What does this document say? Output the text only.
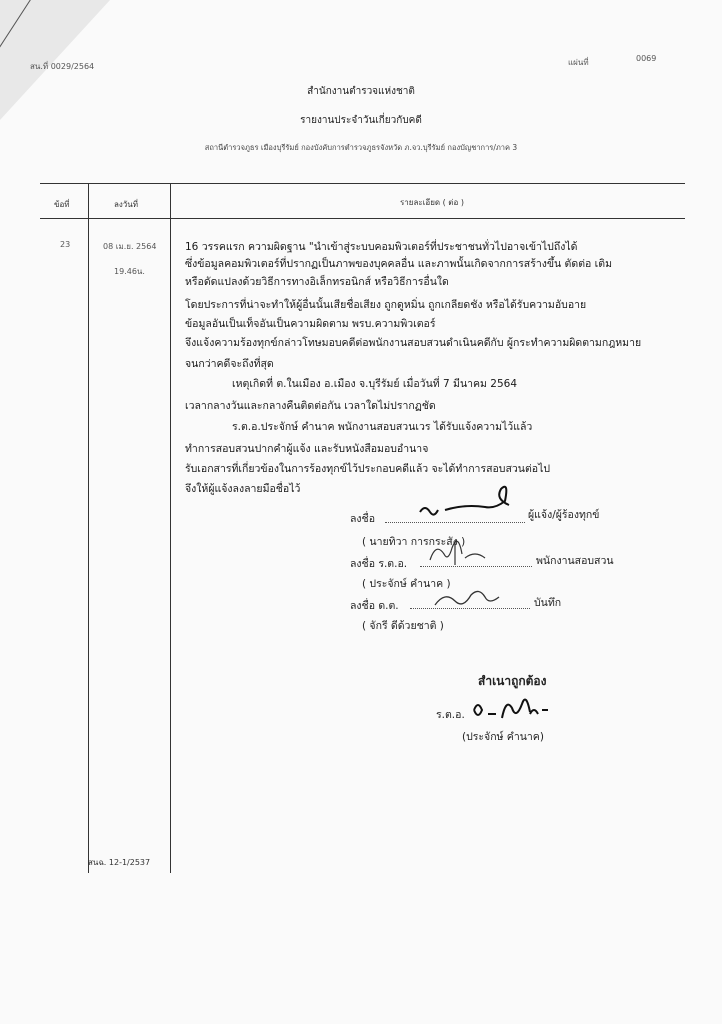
สน.ที่ 0029/2564	แผ่นที่	0069
สำนักงานตำรวจแห่งชาติ
รายงานประจำวันเกี่ยวกับคดี
สถานีตำรวจภูธร เมืองบุรีรัมย์ กองบังคับการตำรวจภูธรจังหวัด ภ.จว.บุรีรัมย์ กองบัญชาการ/ภาค 3
ข้อที่	ลงวันที่	รายละเอียด ( ต่อ )
23	08 เม.ย. 2564
19.46น.
16 วรรคแรก ความผิดฐาน "นำเข้าสู่ระบบคอมพิวเตอร์ที่ประชาชนทั่วไปอาจเข้าไปถึงได้
ซึ่งข้อมูลคอมพิวเตอร์ที่ปรากฏเป็นภาพของบุคคลอื่น และภาพนั้นเกิดจากการสร้างขึ้น ตัดต่อ เติม
หรือดัดแปลงด้วยวิธีการทางอิเล็กทรอนิกส์ หรือวิธีการอื่นใด
โดยประการที่น่าจะทำให้ผู้อื่นนั้นเสียชื่อเสียง ถูกดูหมิ่น ถูกเกลียดชัง หรือได้รับความอับอาย
ข้อมูลอันเป็นเท็จอันเป็นความผิดตาม พรบ.ความพิวเตอร์
จึงแจ้งความร้องทุกข์กล่าวโทษมอบคดีต่อพนักงานสอบสวนดำเนินคดีกับ ผู้กระทำความผิดตามกฎหมาย
จนกว่าคดีจะถึงที่สุด
เหตุเกิดที่ ต.ในเมือง อ.เมือง จ.บุรีรัมย์ เมื่อวันที่ 7 มีนาคม 2564
เวลากลางวันและกลางคืนติดต่อกัน เวลาใดไม่ปรากฏชัด
ร.ต.อ.ประจักษ์ คำนาค พนักงานสอบสวนเวร ได้รับแจ้งความไว้แล้ว
ทำการสอบสวนปากคำผู้แจ้ง และรับหนังสือมอบอำนาจ
รับเอกสารที่เกี่ยวข้องในการร้องทุกข์ไว้ประกอบคดีแล้ว จะได้ทำการสอบสวนต่อไป
จึงให้ผู้แจ้งลงลายมือชื่อไว้
ลงชื่อ	ผู้แจ้ง/ผู้ร้องทุกข์
( นายทิวา การกระสัง )
ลงชื่อ ร.ต.อ.	พนักงานสอบสวน
( ประจักษ์ คำนาค )
ลงชื่อ ด.ต.	บันทึก
( จักรี ดีด้วยชาติ )
สำเนาถูกต้อง
ร.ต.อ.
(ประจักษ์ คำนาค)
สนฉ. 12-1/2537
